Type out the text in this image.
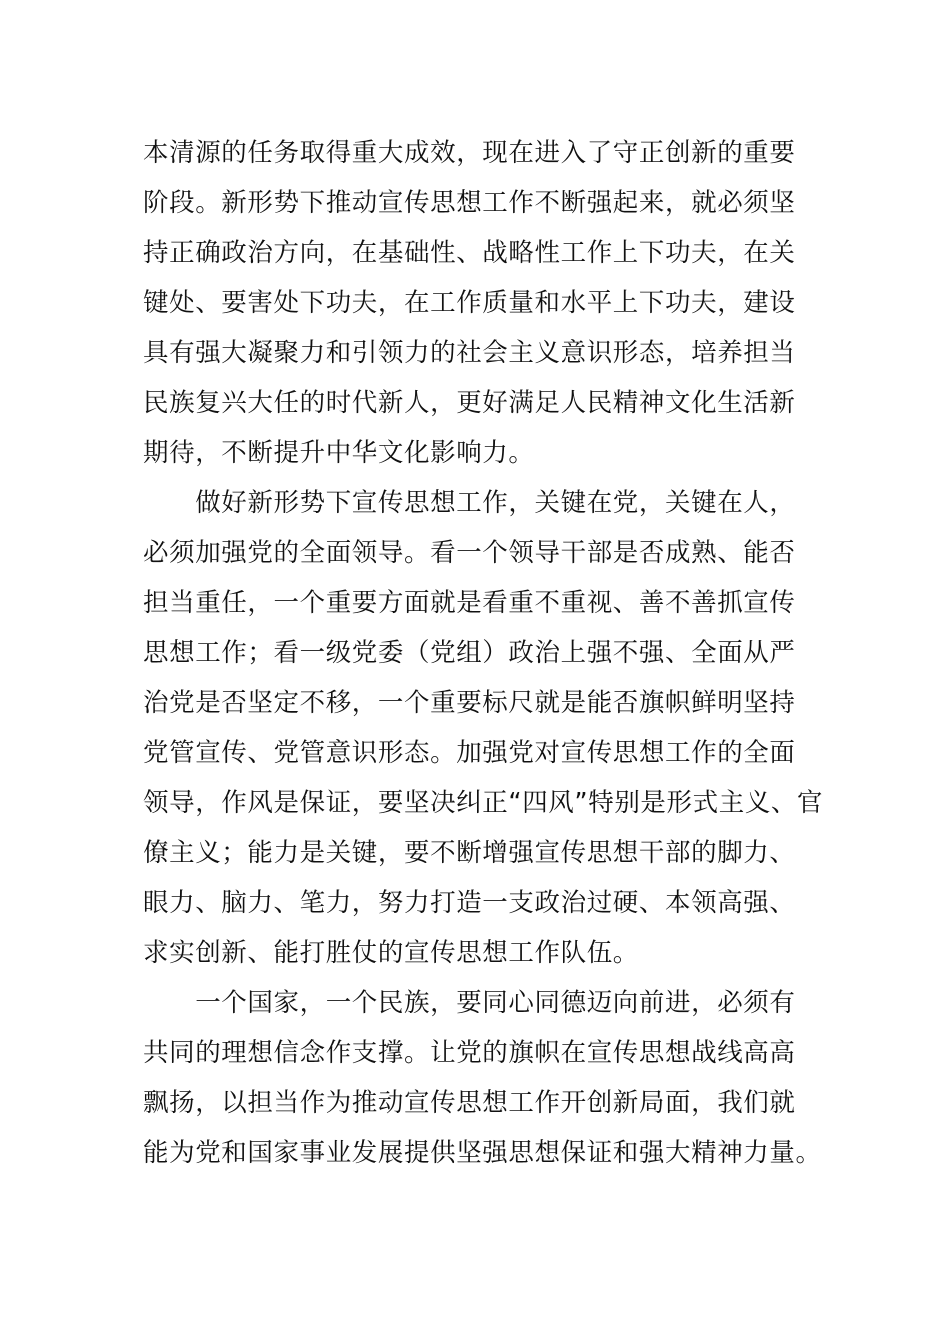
本清源的任务取得重大成效，现在进入了守正创新的重要
阶段。新形势下推动宣传思想工作不断强起来，就必须坚
持正确政治方向，在基础性、战略性工作上下功夫，在关
键处、要害处下功夫，在工作质量和水平上下功夫，建设
具有强大凝聚力和引领力的社会主义意识形态，培养担当
民族复兴大任的时代新人，更好满足人民精神文化生活新
期待，不断提升中华文化影响力。
　　做好新形势下宣传思想工作，关键在党，关键在人，
必须加强党的全面领导。看一个领导干部是否成熟、能否
担当重任，一个重要方面就是看重不重视、善不善抓宣传
思想工作；看一级党委（党组）政治上强不强、全面从严
治党是否坚定不移，一个重要标尺就是能否旗帜鲜明坚持
党管宣传、党管意识形态。加强党对宣传思想工作的全面
领导，作风是保证，要坚决纠正“四风”特别是形式主义、官
僚主义；能力是关键，要不断增强宣传思想干部的脚力、
眼力、脑力、笔力，努力打造一支政治过硬、本领高强、
求实创新、能打胜仗的宣传思想工作队伍。
　　一个国家，一个民族，要同心同德迈向前进，必须有
共同的理想信念作支撑。让党的旗帜在宣传思想战线高高
飘扬，以担当作为推动宣传思想工作开创新局面，我们就
能为党和国家事业发展提供坚强思想保证和强大精神力量。
